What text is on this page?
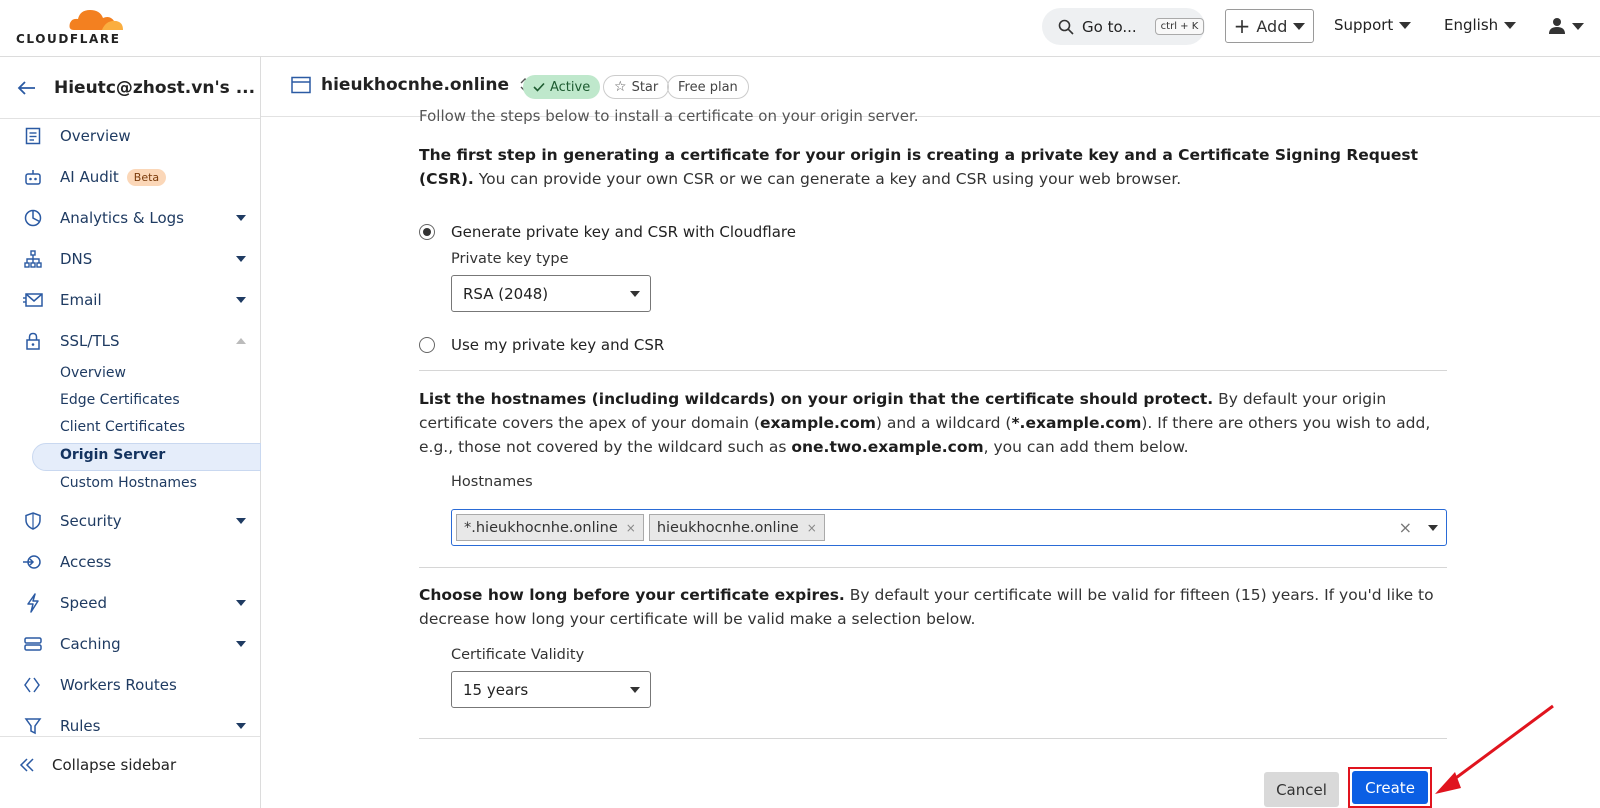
CLOUDFLARE
Go to...	ctrl + K	+ Add	Support	English
Hieutc@zhost.vn's ...
Overview
AI Audit	Beta
Analytics & Logs
DNS
Email
SSL/TLS
Overview
Edge Certificates
Client Certificates
Origin Server
Custom Hostnames
Security
Access
Speed
Caching
Workers Routes
Rules
Collapse sidebar
hieukhocnhe.online	Active ☆ Star Free plan
Follow the steps below to install a certificate on your origin server.

The first step in generating a certificate for your origin is creating a private key and a Certificate Signing Request (CSR). You can provide your own CSR or we can generate a key and CSR using your web browser.

Generate private key and CSR with Cloudflare
Private key type
RSA (2048)
Use my private key and CSR

List the hostnames (including wildcards) on your origin that the certificate should protect. By default your origin certificate covers the apex of your domain (example.com) and a wildcard (*.example.com). If there are others you wish to add, e.g., those not covered by the wildcard such as one.two.example.com, you can add them below.

Hostnames
*.hieukhocnhe.online × hieukhocnhe.online ×	×

Choose how long before your certificate expires. By default your certificate will be valid for fifteen (15) years. If you'd like to decrease how long your certificate will be valid make a selection below.

Certificate Validity
15 years
Cancel	Create
